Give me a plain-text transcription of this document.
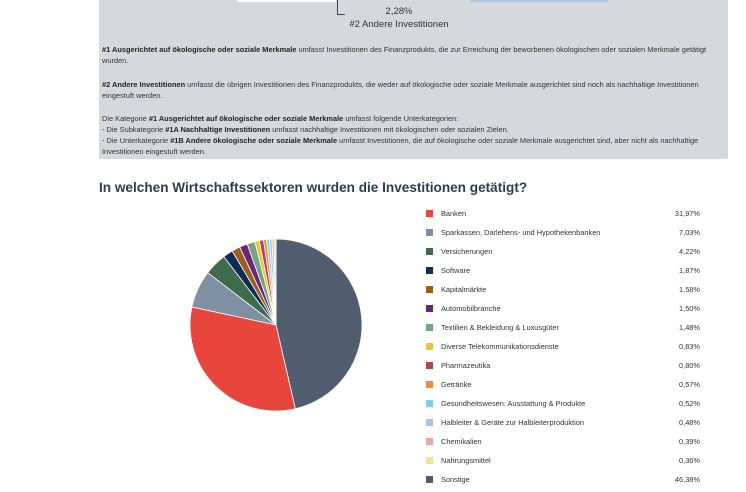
2,28%
#2 Andere Investitionen
#1 Ausgerichtet auf ökologische oder soziale Merkmale umfasst Investitionen des Finanzprodukts, die zur Erreichung der beworbenen ökologischen oder sozialen Merkmale getätigt wurden.
#2 Andere Investitionen umfasst die übrigen Investitionen des Finanzprodukts, die weder auf ökologische oder soziale Merkmale ausgerichtet sind noch als nachhaltige Investitionen eingestuft werden.
Die Kategorie #1 Ausgerichtet auf ökologische oder soziale Merkmale umfasst folgende Unterkategorien:
- Die Subkategorie #1A Nachhaltige Investitionen umfasst nachhaltige Investitionen mit ökologischen oder sozialen Zielen.
- Die Unterkategorie #1B Andere ökologische oder soziale Merkmale umfasst Investitionen, die auf ökologische oder soziale Merkmale ausgerichtet sind, aber nicht als nachhaltige Investitionen eingestuft werden.
In welchen Wirtschaftssektoren wurden die Investitionen getätigt?
Banken	31,97%
Sparkassen, Darlehens- und Hypothekenbanken	7,03%
Versicherungen	4,22%
Software	1,87%
Kapitalmärkte	1,58%
Automobilbranche	1,50%
Textilien & Bekleidung & Luxusgüter	1,48%
Diverse Telekommunikationsdienste	0,83%
Pharmazeutika	0,80%
Getränke	0,57%
Gesundheitswesen: Ausstattung & Produkte	0,52%
Halbleiter & Geräte zur Halbleiterproduktion	0,48%
Chemikalien	0,39%
Nahrungsmittel	0,36%
Sonstige	46,38%
